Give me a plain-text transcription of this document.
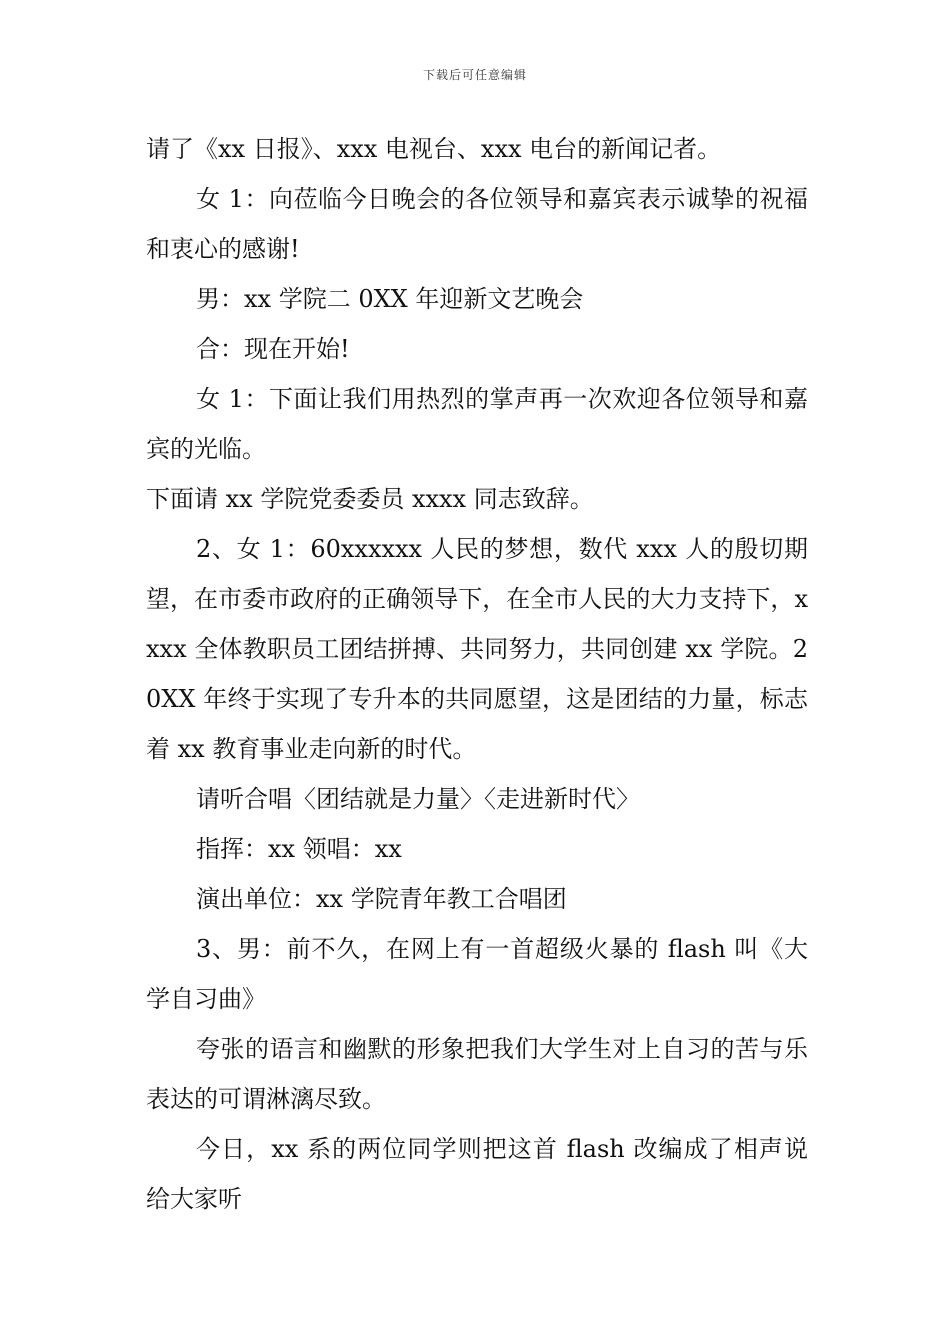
下载后可任意编辑

请了《xx 日报》、xxx 电视台、xxx 电台的新闻记者。

女 1：向莅临今日晚会的各位领导和嘉宾表示诚挚的祝福和衷心的感谢!

男：xx 学院二 0XX 年迎新文艺晚会

合：现在开始!

女 1：下面让我们用热烈的掌声再一次欢迎各位领导和嘉宾的光临。

下面请 xx 学院党委委员 xxxx 同志致辞。

2、女 1：60xxxxxx 人民的梦想，数代 xxx 人的殷切期望，在市委市政府的正确领导下，在全市人民的大力支持下，xxxx 全体教职员工团结拼搏、共同努力，共同创建 xx 学院。20XX 年终于实现了专升本的共同愿望，这是团结的力量，标志着 xx 教育事业走向新的时代。

请听合唱〈团结就是力量〉〈走进新时代〉

指挥：xx 领唱：xx

演出单位：xx 学院青年教工合唱团

3、男：前不久，在网上有一首超级火暴的 flash 叫《大学自习曲》

夸张的语言和幽默的形象把我们大学生对上自习的苦与乐表达的可谓淋漓尽致。

今日，xx 系的两位同学则把这首 flash 改编成了相声说给大家听
